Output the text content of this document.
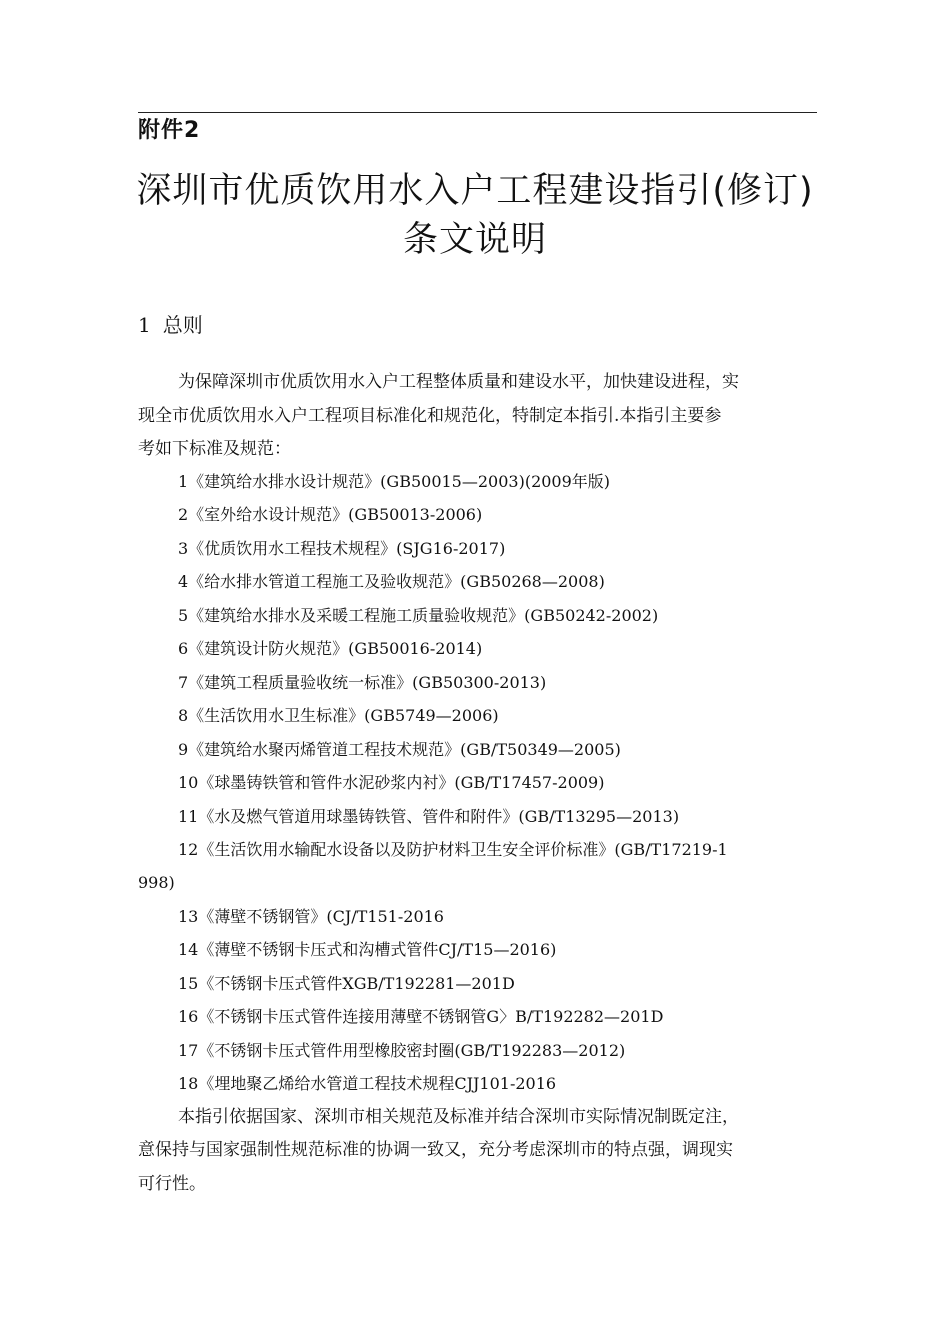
附件2
深圳市优质饮用水入户工程建设指引(修订)
条文说明
1 总则
为保障深圳市优质饮用水入户工程整体质量和建设水平，加快建设进程，实
现全市优质饮用水入户工程项目标准化和规范化，特制定本指引.本指引主要参
考如下标准及规范：
1《建筑给水排水设计规范》(GB50015—2003)(2009年版)
2《室外给水设计规范》(GB50013-2006)
3《优质饮用水工程技术规程》(SJG16-2017)
4《给水排水管道工程施工及验收规范》(GB50268—2008)
5《建筑给水排水及采暖工程施工质量验收规范》(GB50242-2002)
6《建筑设计防火规范》(GB50016-2014)
7《建筑工程质量验收统一标准》(GB50300-2013)
8《生活饮用水卫生标准》(GB5749—2006)
9《建筑给水聚丙烯管道工程技术规范》(GB/T50349—2005)
10《球墨铸铁管和管件水泥砂浆内衬》(GB/T17457-2009)
11《水及燃气管道用球墨铸铁管、管件和附件》(GB/T13295—2013)
12《生活饮用水输配水设备以及防护材料卫生安全评价标准》(GB/T17219-1
998)
13《薄壁不锈钢管》(CJ/T151-2016
14《薄壁不锈钢卡压式和沟槽式管件CJ/T15—2016)
15《不锈钢卡压式管件XGB/T192281—201D
16《不锈钢卡压式管件连接用薄壁不锈钢管G〉B/T192282—201D
17《不锈钢卡压式管件用型橡胶密封圈(GB/T192283—2012)
18《埋地聚乙烯给水管道工程技术规程CJJ101-2016
本指引依据国家、深圳市相关规范及标准并结合深圳市实际情况制既定注，
意保持与国家强制性规范标准的协调一致又，充分考虑深圳市的特点强，调现实
可行性。
